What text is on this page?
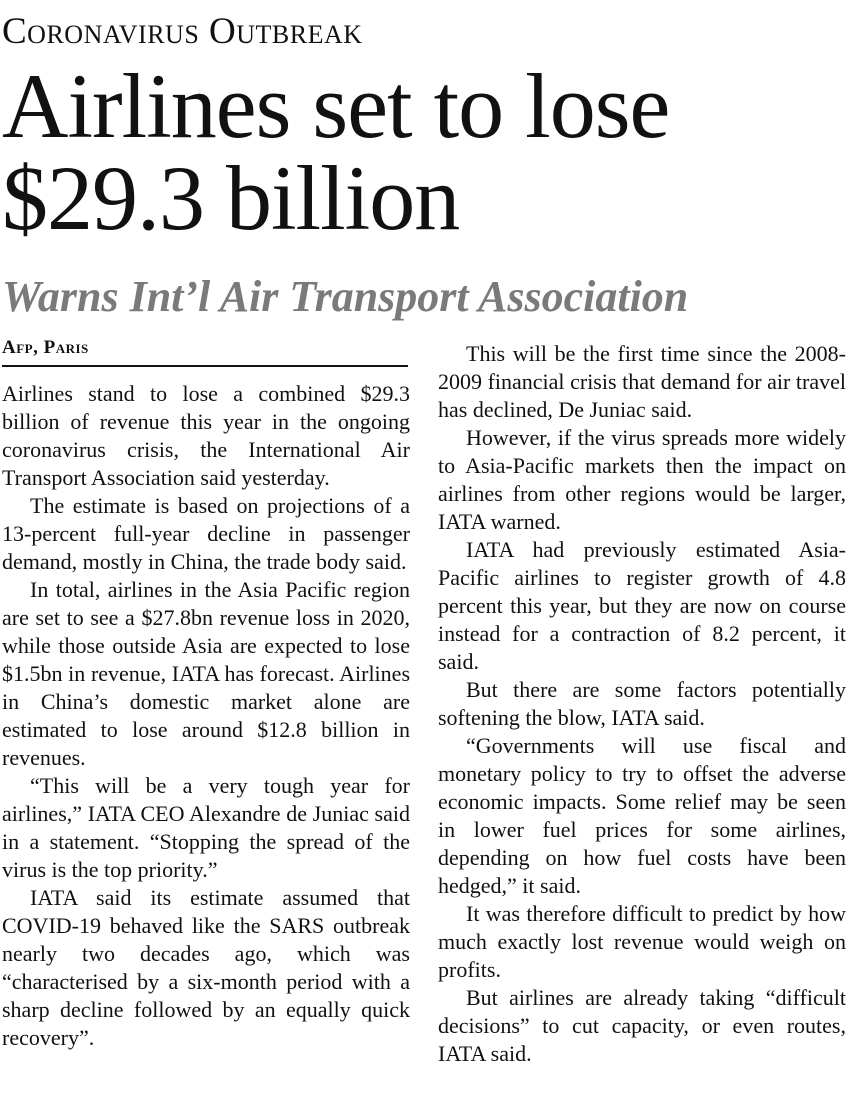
Coronavirus Outbreak
Airlines set to lose
$29.3 billion
Warns Int’l Air Transport Association
Afp, Paris

Airlines stand to lose a combined $29.3 billion of revenue this year in the ongoing coronavirus crisis, the International Air Transport Association said yesterday.

The estimate is based on projections of a 13-percent full-year decline in passenger demand, mostly in China, the trade body said.

In total, airlines in the Asia Pacific region are set to see a $27.8bn revenue loss in 2020, while those outside Asia are expected to lose $1.5bn in revenue, IATA has forecast. Airlines in China’s domestic market alone are estimated to lose around $12.8 billion in revenues.

“This will be a very tough year for airlines,” IATA CEO Alexandre de Juniac said in a statement. “Stopping the spread of the virus is the top priority.”

IATA said its estimate assumed that COVID-19 behaved like the SARS outbreak nearly two decades ago, which was “characterised by a six-month period with a sharp decline followed by an equally quick recovery”.

This will be the first time since the 2008-2009 financial crisis that demand for air travel has declined, De Juniac said.

However, if the virus spreads more widely to Asia-Pacific markets then the impact on airlines from other regions would be larger, IATA warned.

IATA had previously estimated Asia-Pacific airlines to register growth of 4.8 percent this year, but they are now on course instead for a contraction of 8.2 percent, it said.

But there are some factors potentially softening the blow, IATA said.

“Governments will use fiscal and monetary policy to try to offset the adverse economic impacts. Some relief may be seen in lower fuel prices for some airlines, depending on how fuel costs have been hedged,” it said.

It was therefore difficult to predict by how much exactly lost revenue would weigh on profits.

But airlines are already taking “difficult decisions” to cut capacity, or even routes, IATA said.
